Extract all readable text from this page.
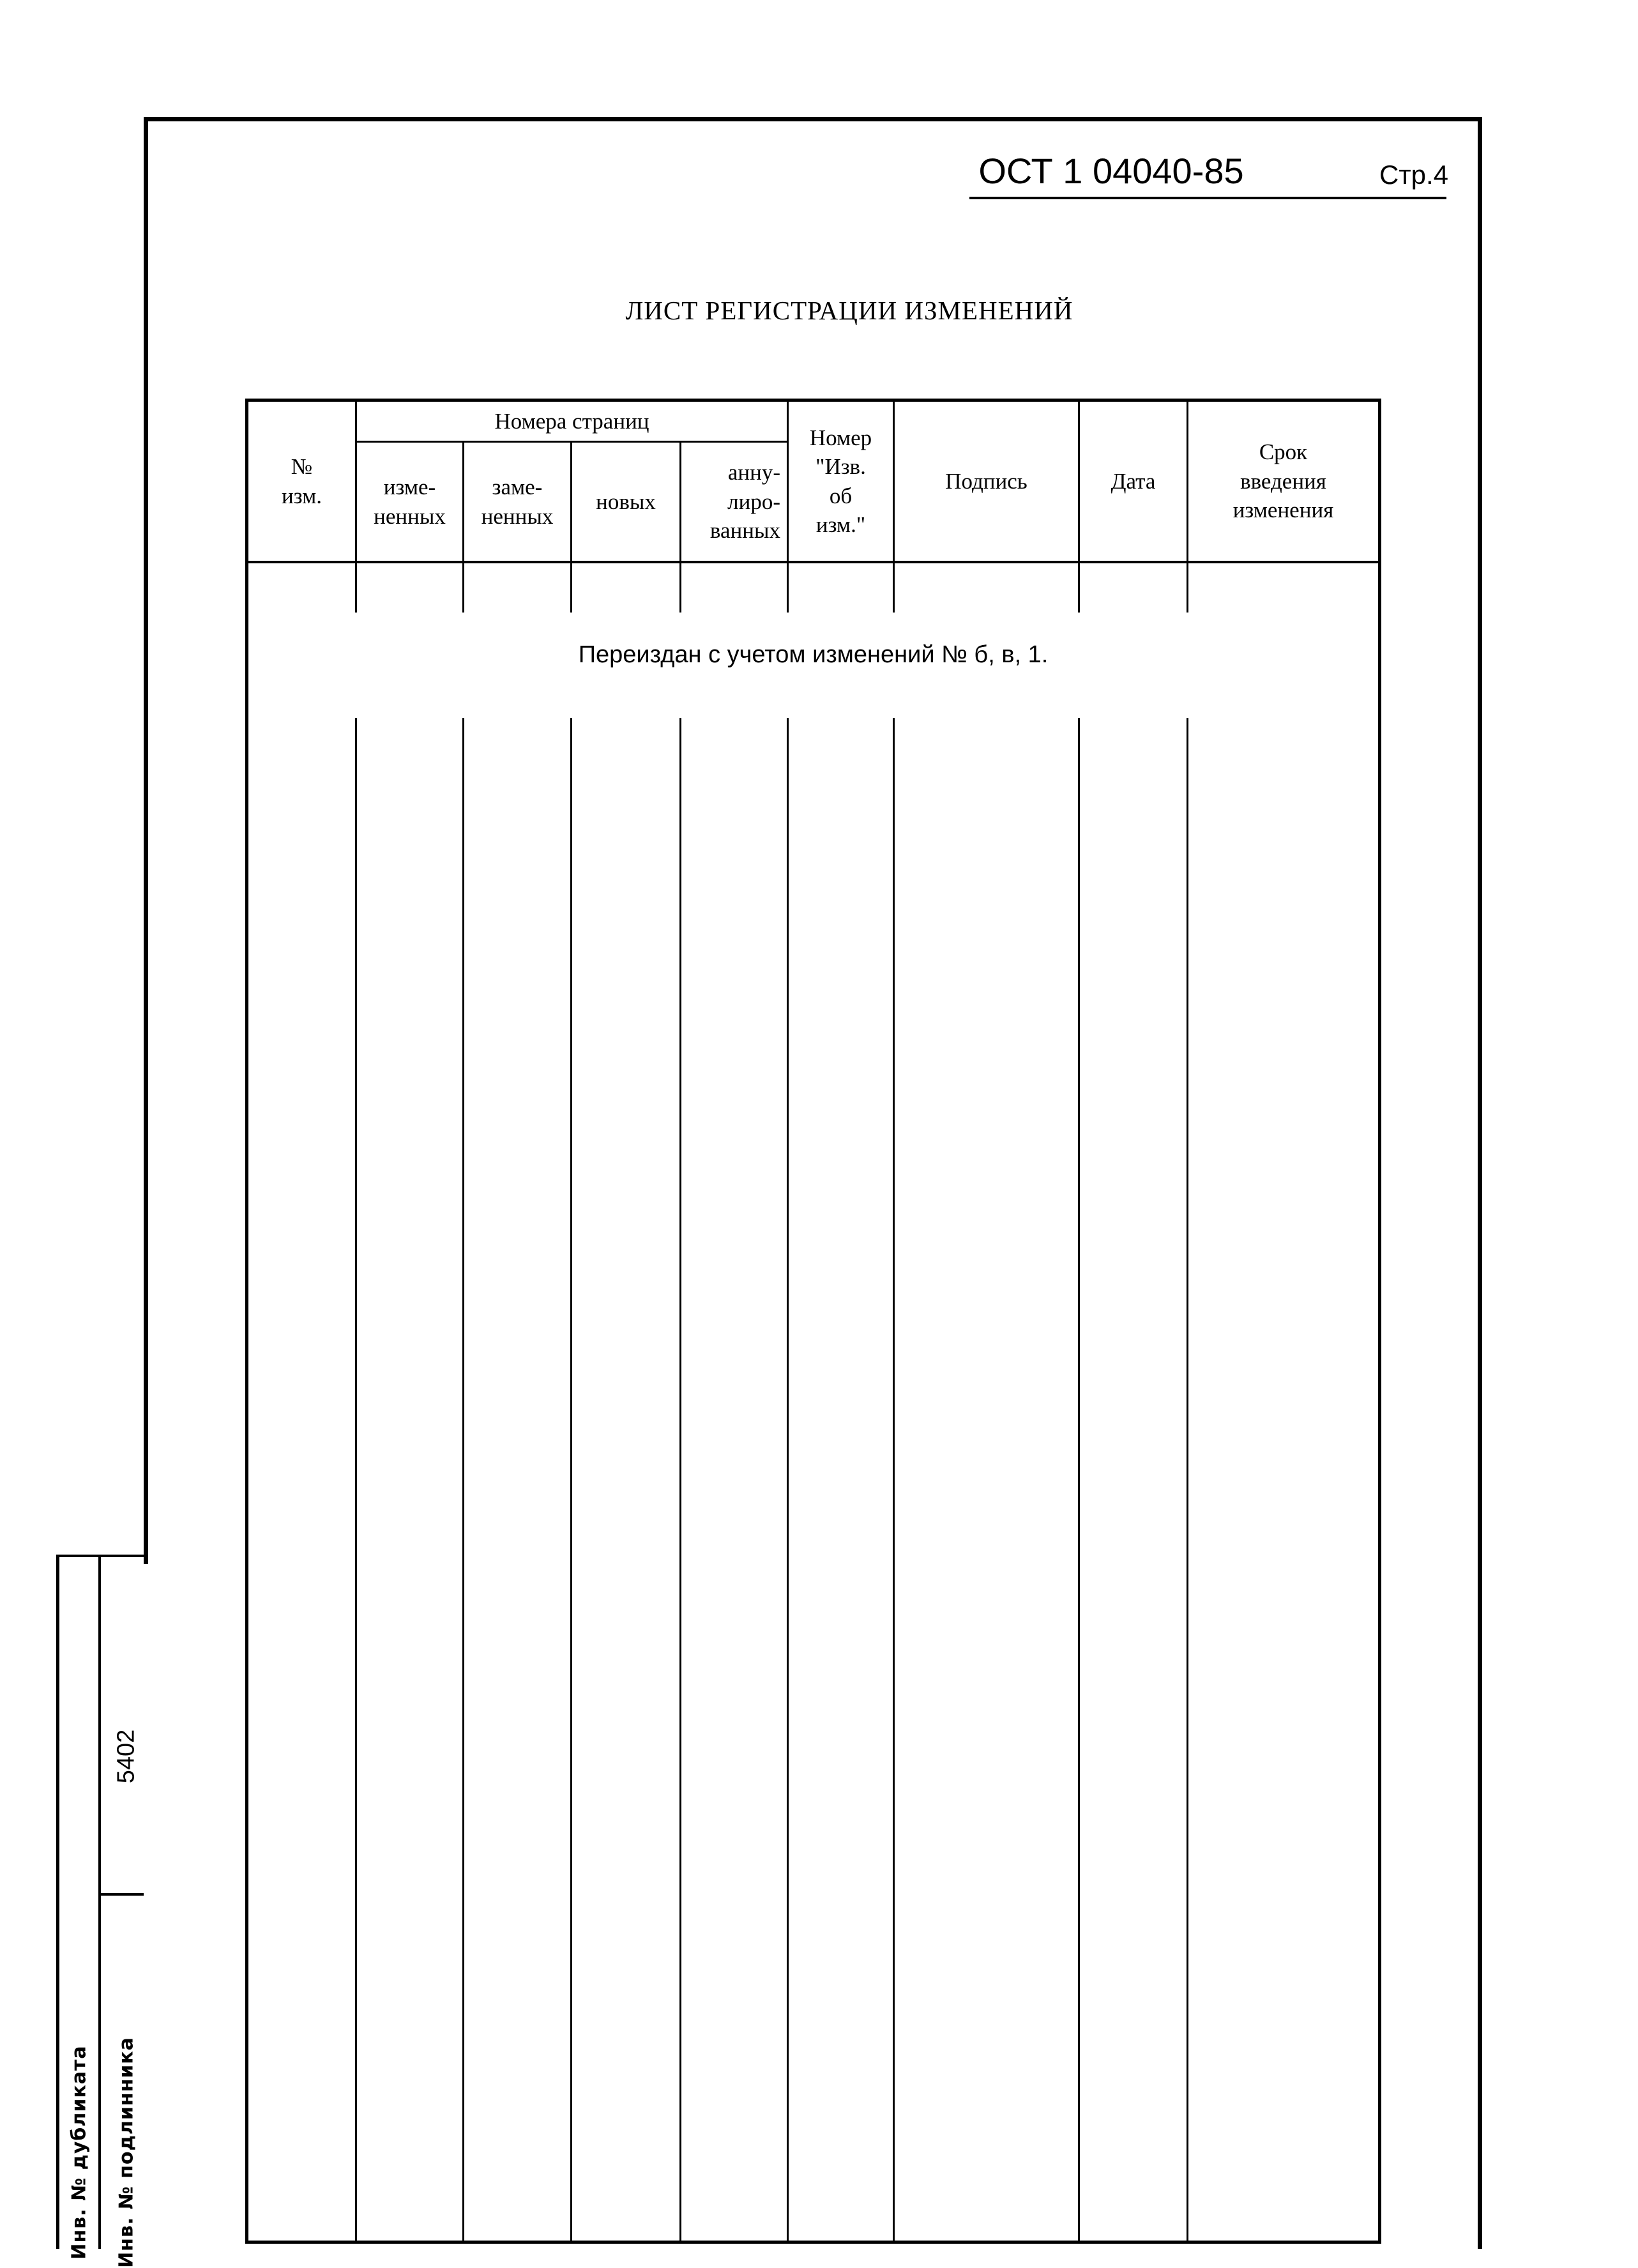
ОСТ 1 04040-85	Стр.4
ЛИСТ РЕГИСТРАЦИИ ИЗМЕНЕНИЙ
№
изм.
Номера страниц
изме-
ненных
заме-
ненных
новых
анну-
лиро-
ванных
Номер
"Изв.
об
изм."
Подпись	Дата
Срок
введения
изменения
Переиздан с учетом изменений № б, в, 1.
5402
Инв. № дубликата Инв. № подлинника
